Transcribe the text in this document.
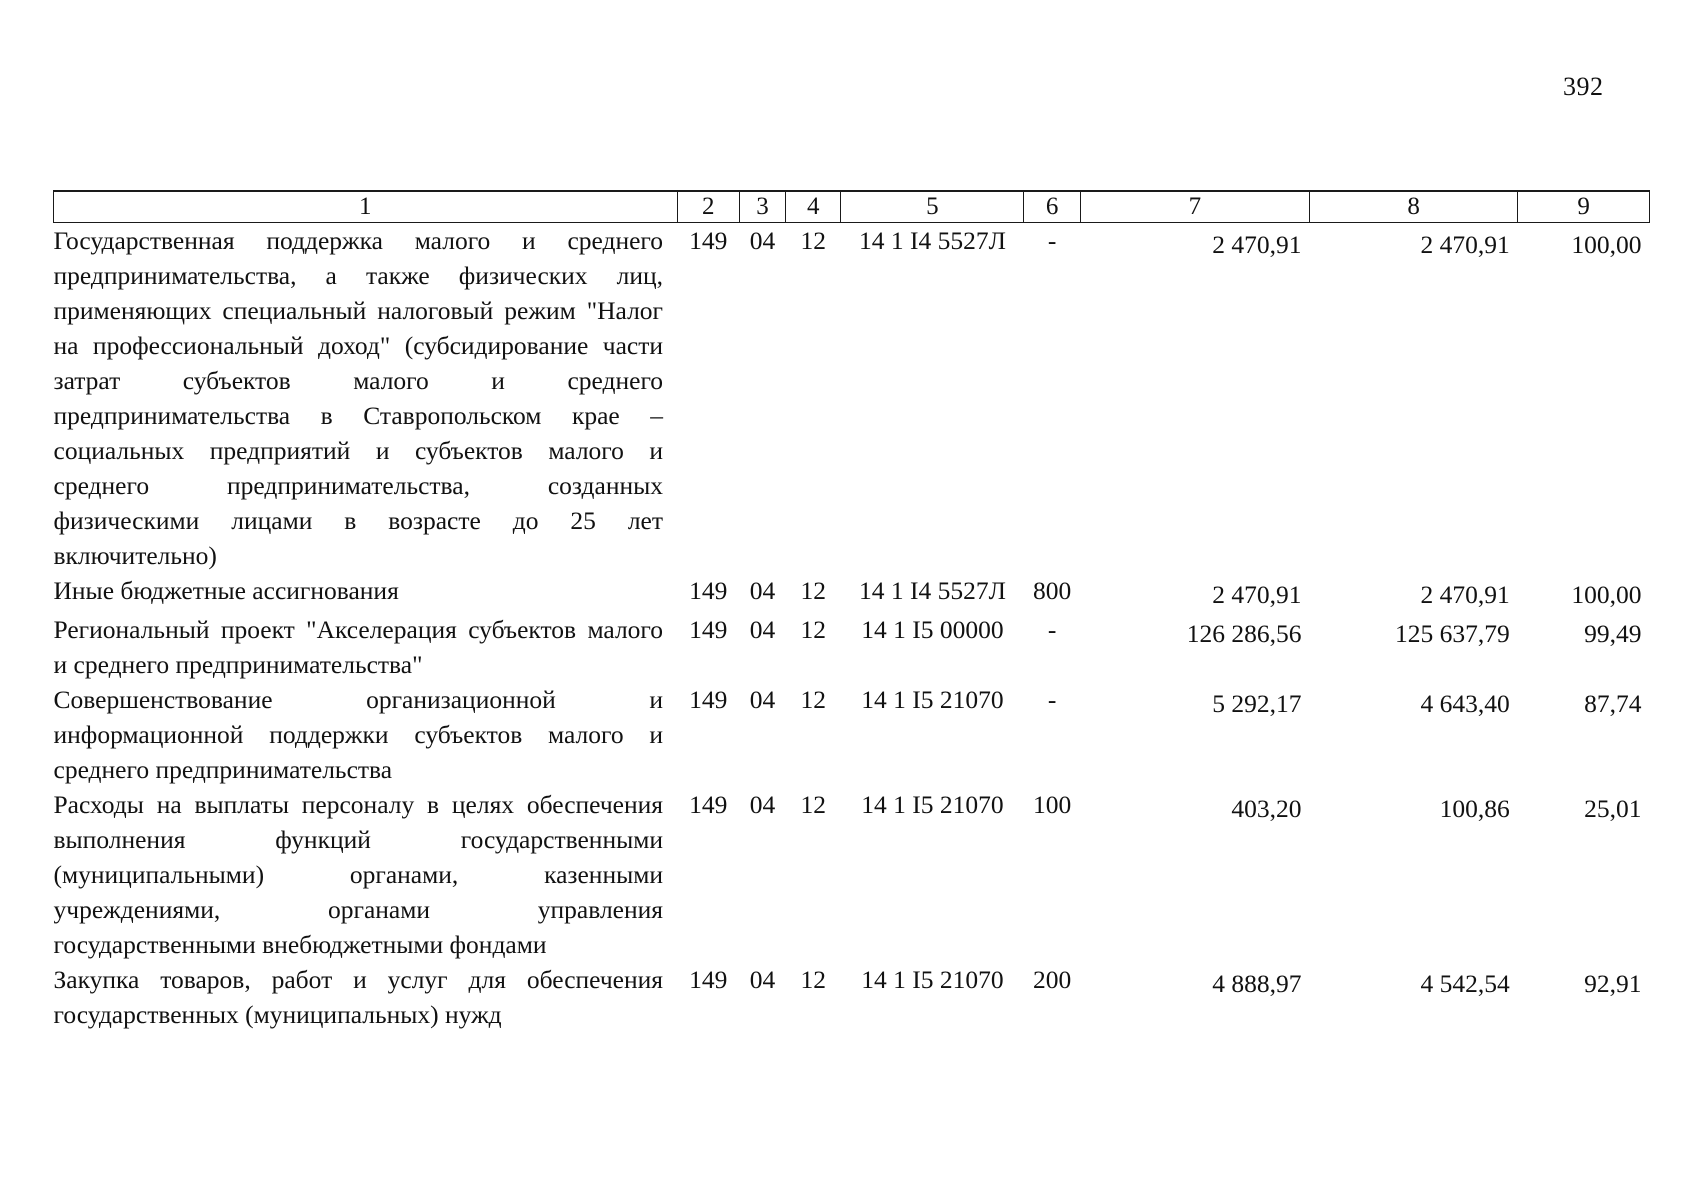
392
1	2	3	4	5	6	7	8	9
Государственная поддержка малого и среднего предпринимательства, а также физических лиц, применяющих специальный налоговый режим "Налог на профессиональный доход" (субсидирование части затрат субъектов малого и среднего предпринимательства в Ставропольском крае – социальных предприятий и субъектов малого и среднего предпринимательства, созданных физическими лицами в возрасте до 25 лет включительно)	149	04	12	14 1 I4 5527Л	-	2 470,91	2 470,91	100,00
Иные бюджетные ассигнования	149	04	12	14 1 I4 5527Л	800	2 470,91	2 470,91	100,00
Региональный проект "Акселерация субъектов малого и среднего предпринимательства"	149	04	12	14 1 I5 00000	-	126 286,56	125 637,79	99,49
Совершенствование организационной и информационной поддержки субъектов малого и среднего предпринимательства	149	04	12	14 1 I5 21070	-	5 292,17	4 643,40	87,74
Расходы на выплаты персоналу в целях обеспечения выполнения функций государственными (муниципальными) органами, казенными учреждениями, органами управления государственными внебюджетными фондами	149	04	12	14 1 I5 21070	100	403,20	100,86	25,01
Закупка товаров, работ и услуг для обеспечения государственных (муниципальных) нужд	149	04	12	14 1 I5 21070	200	4 888,97	4 542,54	92,91
